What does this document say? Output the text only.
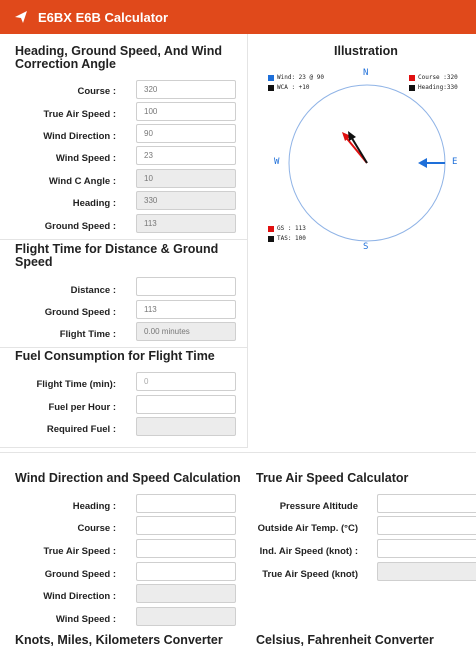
E6BX E6B Calculator
Heading, Ground Speed, And Wind Correction Angle
Course :	320
True Air Speed :	100
Wind Direction :	90
Wind Speed :	23
Wind C Angle :	10
Heading :	330
Ground Speed :	113
Illustration
Wind: 23 @ 90
WCA : +10
Course :320
Heading:330
GS : 113
TAS: 100
N
S
E
W
Flight Time for Distance & Ground Speed
Distance :
Ground Speed :	113
Flight Time :	0.00 minutes
Fuel Consumption for Flight Time
Flight Time (min):	0
Fuel per Hour :
Required Fuel :
Wind Direction and Speed Calculation
Heading :
Course :
True Air Speed :
Ground Speed :
Wind Direction :
Wind Speed :
True Air Speed Calculator
Pressure Altitude
Outside Air Temp. (°C)
Ind. Air Speed (knot) :
True Air Speed (knot)
Knots, Miles, Kilometers Converter	Celsius, Fahrenheit Converter
